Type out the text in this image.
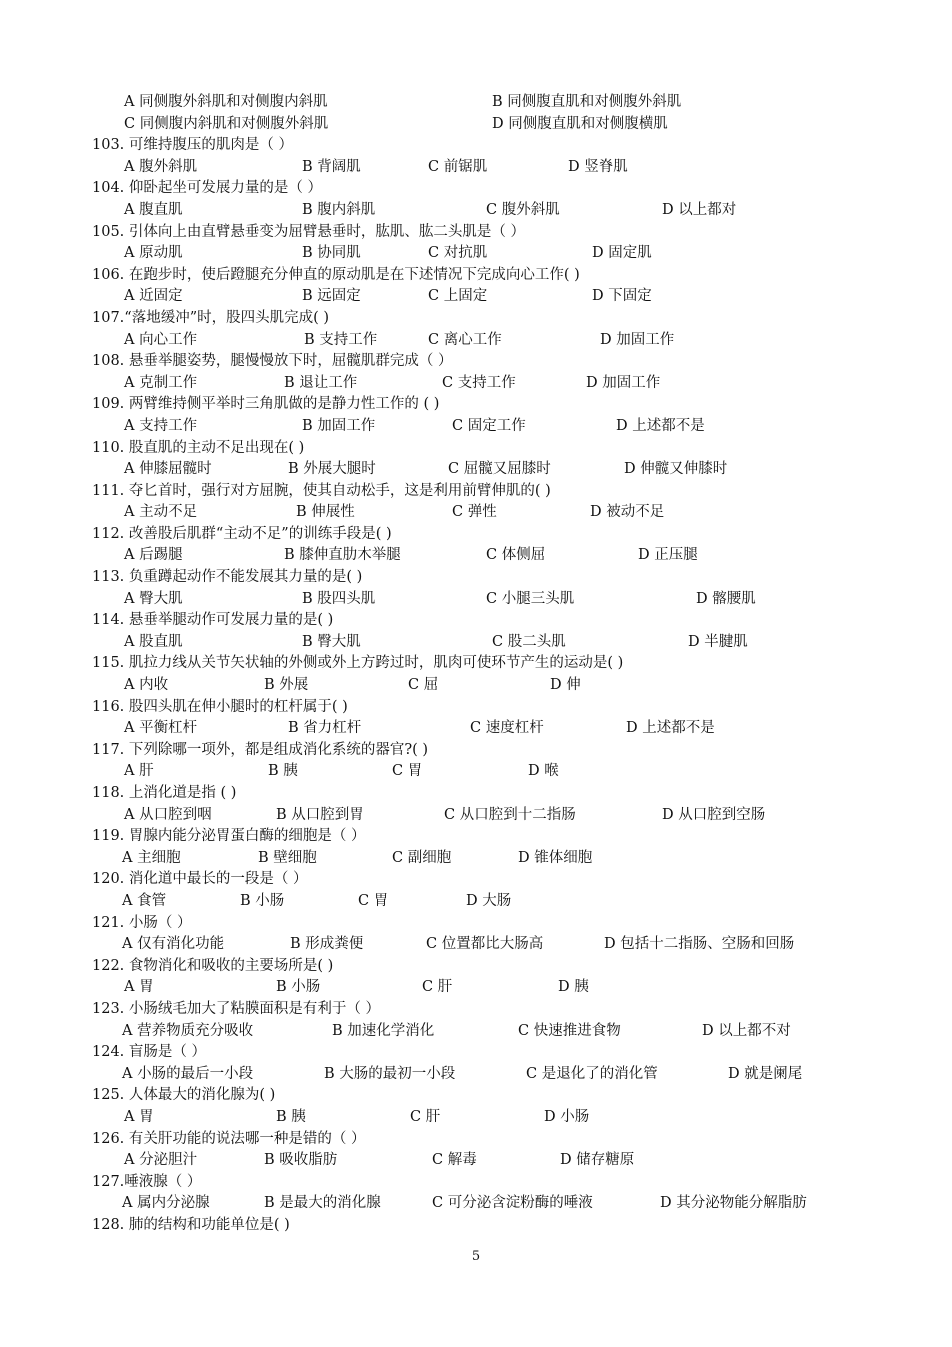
A 同侧腹外斜肌和对侧腹内斜肌	B 同侧腹直肌和对侧腹外斜肌
C 同侧腹内斜肌和对侧腹外斜肌	D 同侧腹直肌和对侧腹横肌
103. 可维持腹压的肌肉是（ ）
A 腹外斜肌	B 背阔肌	C 前锯肌	D 竖脊肌
104. 仰卧起坐可发展力量的是（ ）
A 腹直肌	B 腹内斜肌	C 腹外斜肌	D 以上都对
105. 引体向上由直臂悬垂变为屈臂悬垂时，肱肌、肱二头肌是（ ）
A 原动肌	B 协同肌	C 对抗肌	D 固定肌
106. 在跑步时，使后蹬腿充分伸直的原动肌是在下述情况下完成向心工作( )
A 近固定	B 远固定	C 上固定	D 下固定
107.“落地缓冲”时，股四头肌完成( )
A 向心工作	B 支持工作	C 离心工作	D 加固工作
108. 悬垂举腿姿势，腿慢慢放下时，屈髋肌群完成（ ）
A 克制工作	B 退让工作	C 支持工作	D 加固工作
109. 两臂维持侧平举时三角肌做的是静力性工作的 ( )
A 支持工作	B 加固工作	C 固定工作	D 上述都不是
110. 股直肌的主动不足出现在( )
A 伸膝屈髋时	B 外展大腿时	C 屈髋又屈膝时	D 伸髋又伸膝时
111. 夺匕首时，强行对方屈腕，使其自动松手，这是利用前臂伸肌的( )
A 主动不足	B 伸展性	C 弹性	D 被动不足
112. 改善股后肌群“主动不足”的训练手段是( )
A 后踢腿	B 膝伸直肋木举腿	C 体侧屈	D 正压腿
113. 负重蹲起动作不能发展其力量的是( )
A 臀大肌	B 股四头肌	C 小腿三头肌	D 髂腰肌
114. 悬垂举腿动作可发展力量的是( )
A 股直肌	B 臀大肌	C 股二头肌	D 半腱肌
115. 肌拉力线从关节矢状轴的外侧或外上方跨过时，肌肉可使环节产生的运动是( )
A 内收	B 外展	C 屈	D 伸
116. 股四头肌在伸小腿时的杠杆属于( )
A 平衡杠杆	B 省力杠杆	C 速度杠杆	D 上述都不是
117. 下列除哪一项外，都是组成消化系统的器官?( )
A 肝	B 胰	C 胃	D 喉
118. 上消化道是指 ( )
A 从口腔到咽	B 从口腔到胃	C 从口腔到十二指肠	D 从口腔到空肠
119. 胃腺内能分泌胃蛋白酶的细胞是（ ）
A 主细胞	B 壁细胞	C 副细胞	D 锥体细胞
120. 消化道中最长的一段是（ ）
A 食管	B 小肠	C 胃	D 大肠
121. 小肠（ ）
A 仅有消化功能	B 形成粪便	C 位置都比大肠高	D 包括十二指肠、空肠和回肠
122. 食物消化和吸收的主要场所是( )
A 胃	B 小肠	C 肝	D 胰
123. 小肠绒毛加大了粘膜面积是有利于（ ）
A 营养物质充分吸收	B 加速化学消化	C 快速推进食物	D 以上都不对
124. 盲肠是（ ）
A 小肠的最后一小段	B 大肠的最初一小段	C 是退化了的消化管	D 就是阑尾
125. 人体最大的消化腺为( )
A 胃	B 胰	C 肝	D 小肠
126. 有关肝功能的说法哪一种是错的（ ）
A 分泌胆汁	B 吸收脂肪	C 解毒	D 储存糖原
127.唾液腺（ ）
A 属内分泌腺	B 是最大的消化腺	C 可分泌含淀粉酶的唾液	D 其分泌物能分解脂肪
128. 肺的结构和功能单位是( )
5
